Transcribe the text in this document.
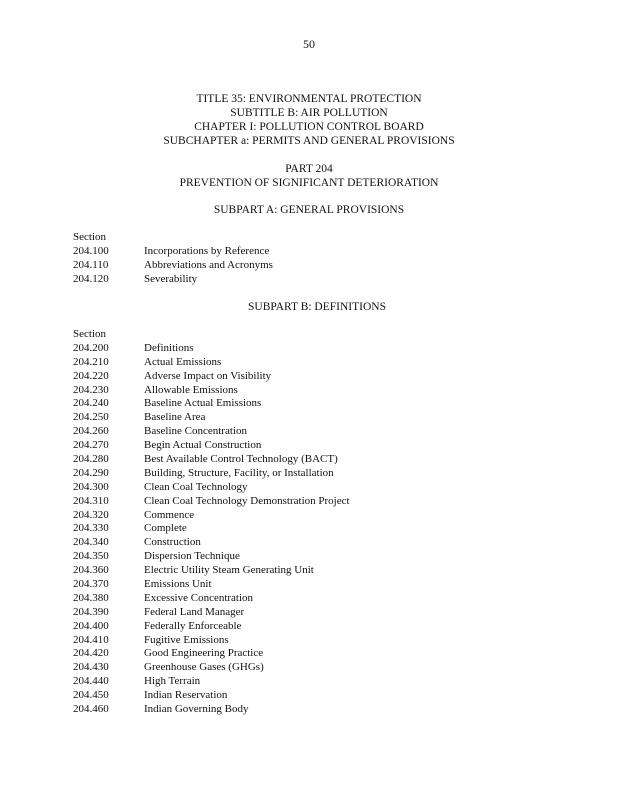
50
TITLE 35: ENVIRONMENTAL PROTECTION
SUBTITLE B: AIR POLLUTION
CHAPTER I: POLLUTION CONTROL BOARD
SUBCHAPTER a: PERMITS AND GENERAL PROVISIONS
PART 204
PREVENTION OF SIGNIFICANT DETERIORATION
SUBPART A: GENERAL PROVISIONS
Section
204.100	Incorporations by Reference
204.110	Abbreviations and Acronyms
204.120	Severability
SUBPART B: DEFINITIONS
Section
204.200	Definitions
204.210	Actual Emissions
204.220	Adverse Impact on Visibility
204.230	Allowable Emissions
204.240	Baseline Actual Emissions
204.250	Baseline Area
204.260	Baseline Concentration
204.270	Begin Actual Construction
204.280	Best Available Control Technology (BACT)
204.290	Building, Structure, Facility, or Installation
204.300	Clean Coal Technology
204.310	Clean Coal Technology Demonstration Project
204.320	Commence
204.330	Complete
204.340	Construction
204.350	Dispersion Technique
204.360	Electric Utility Steam Generating Unit
204.370	Emissions Unit
204.380	Excessive Concentration
204.390	Federal Land Manager
204.400	Federally Enforceable
204.410	Fugitive Emissions
204.420	Good Engineering Practice
204.430	Greenhouse Gases (GHGs)
204.440	High Terrain
204.450	Indian Reservation
204.460	Indian Governing Body
